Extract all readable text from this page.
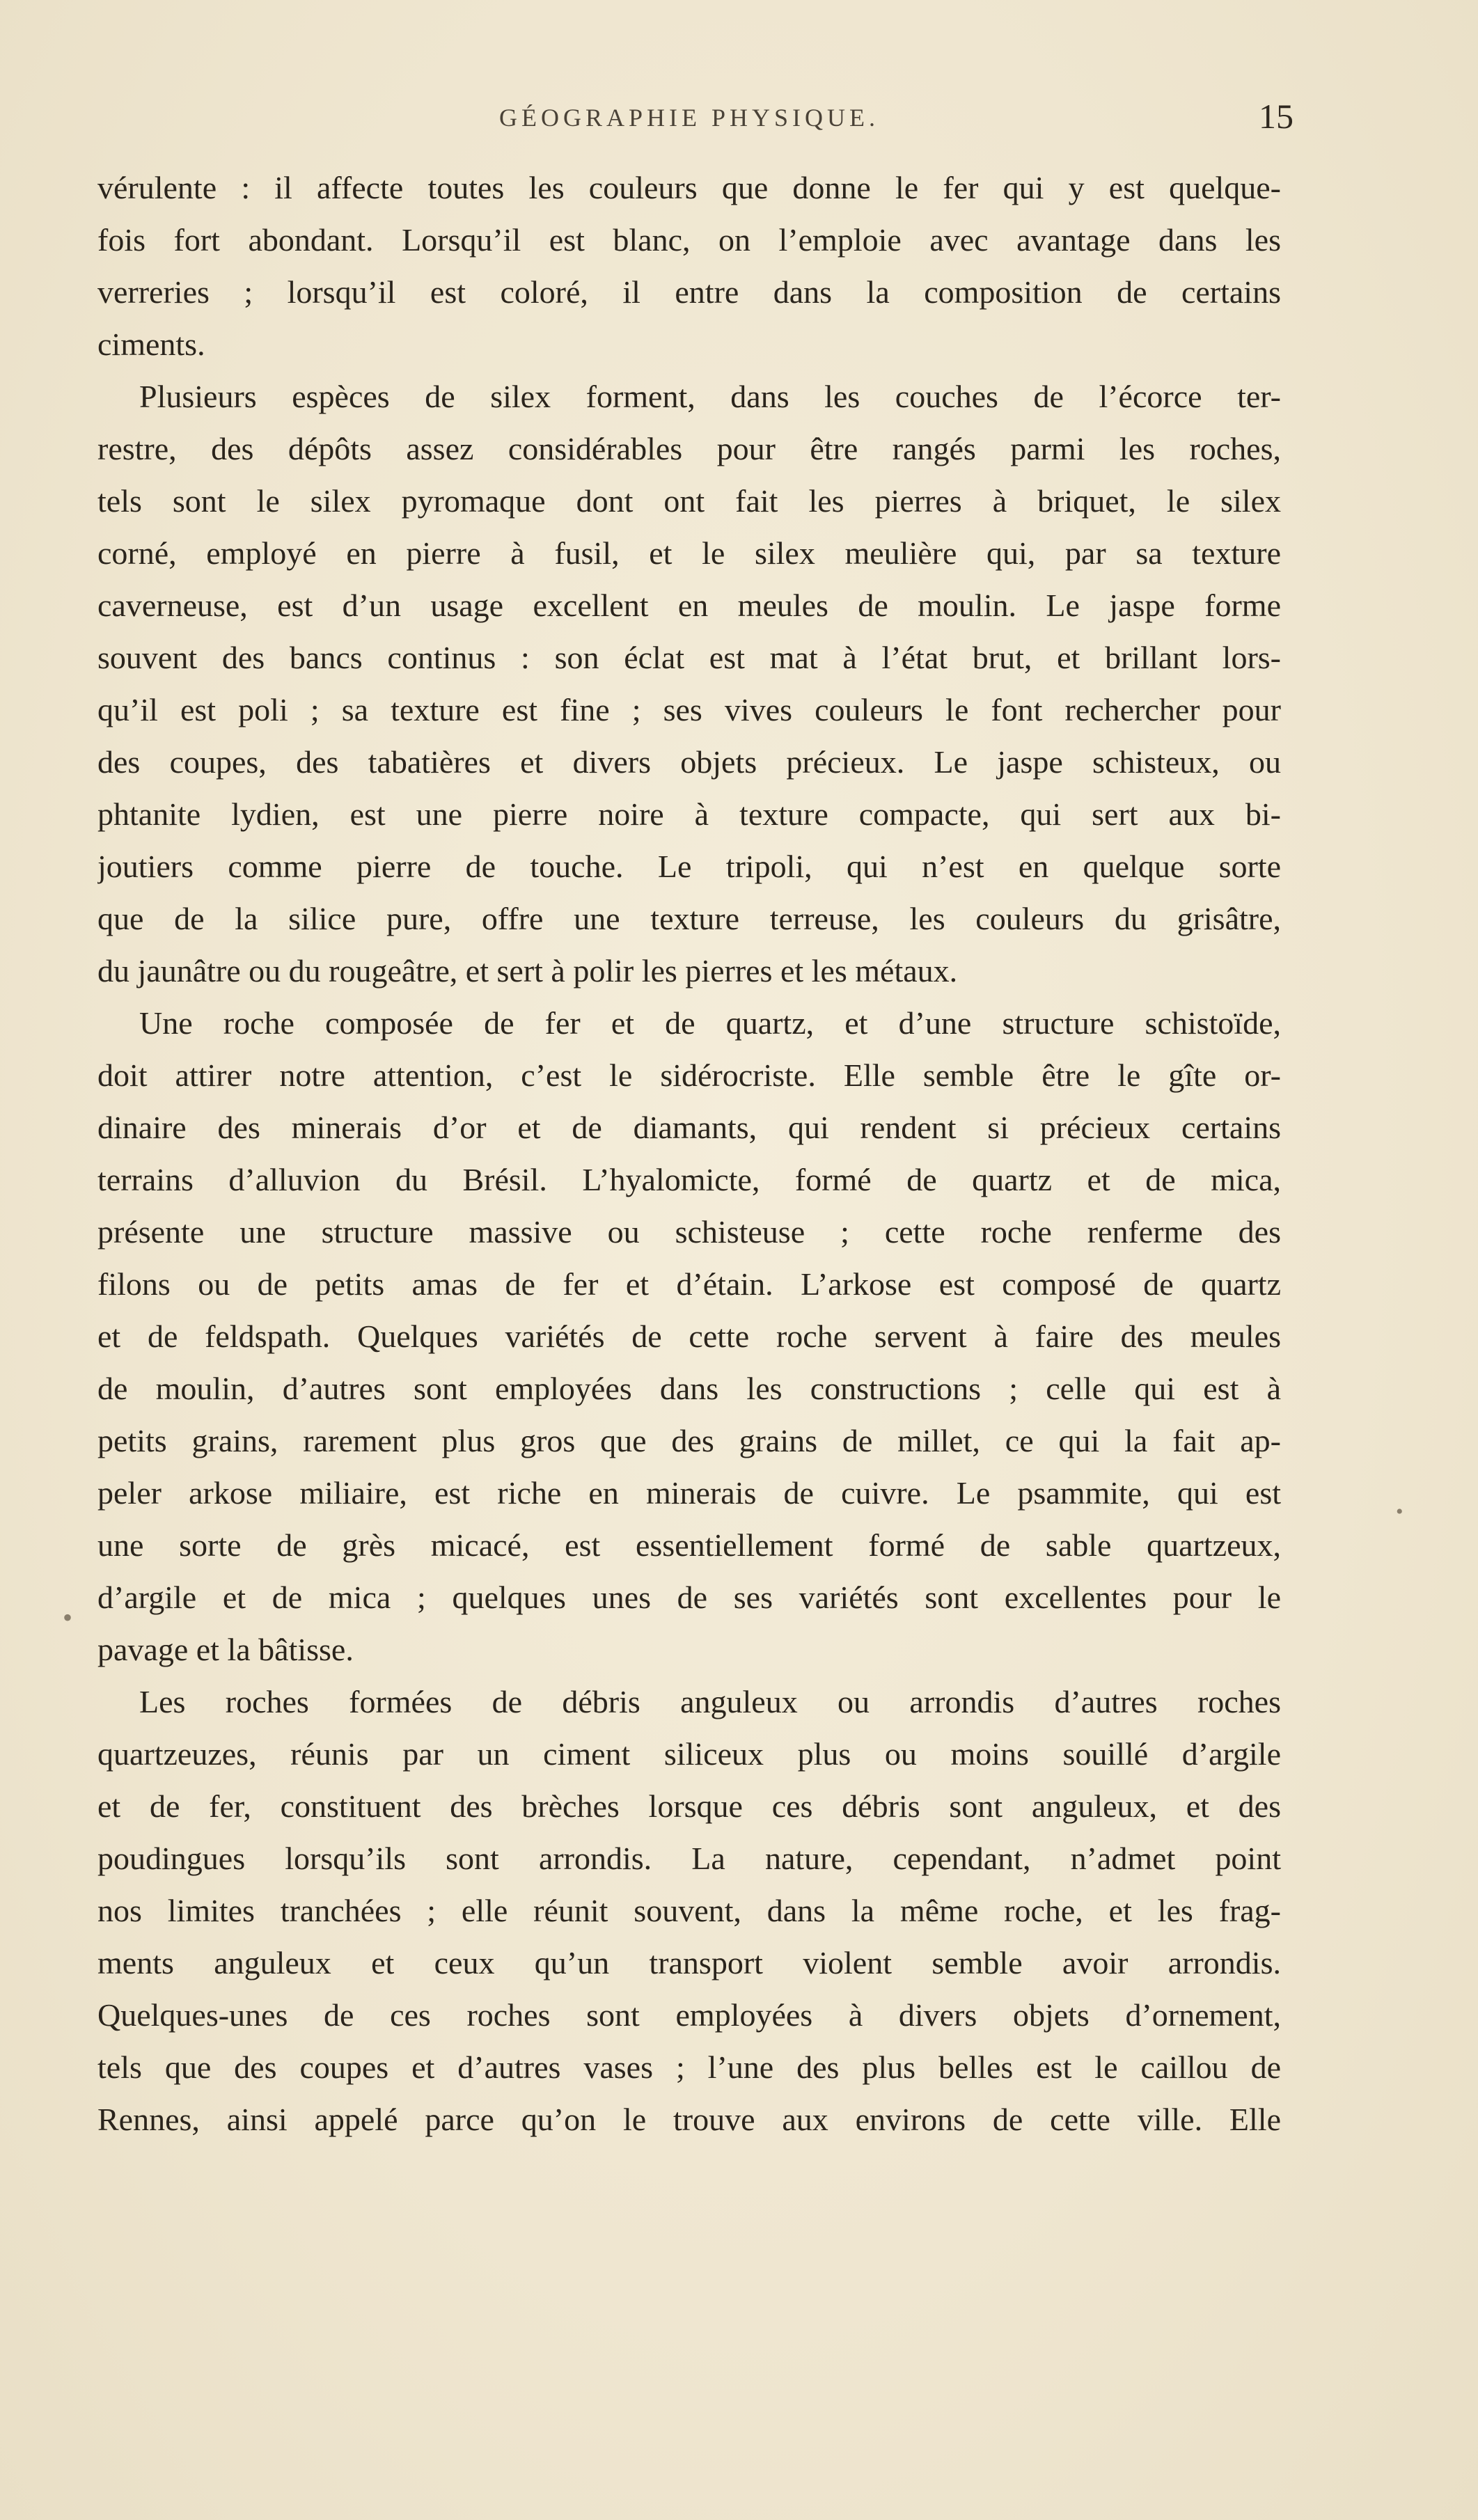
GÉOGRAPHIE PHYSIQUE.	15
vérulente : il affecte toutes les couleurs que donne le fer qui y est quelque-
fois fort abondant. Lorsqu’il est blanc, on l’emploie avec avantage dans les
verreries ; lorsqu’il est coloré, il entre dans la composition de certains
ciments.
Plusieurs espèces de silex forment, dans les couches de l’écorce ter-
restre, des dépôts assez considérables pour être rangés parmi les roches,
tels sont le silex pyromaque dont ont fait les pierres à briquet, le silex
corné, employé en pierre à fusil, et le silex meulière qui, par sa texture
caverneuse, est d’un usage excellent en meules de moulin. Le jaspe forme
souvent des bancs continus : son éclat est mat à l’état brut, et brillant lors-
qu’il est poli ; sa texture est fine ; ses vives couleurs le font rechercher pour
des coupes, des tabatières et divers objets précieux. Le jaspe schisteux, ou
phtanite lydien, est une pierre noire à texture compacte, qui sert aux bi-
joutiers comme pierre de touche. Le tripoli, qui n’est en quelque sorte
que de la silice pure, offre une texture terreuse, les couleurs du grisâtre,
du jaunâtre ou du rougeâtre, et sert à polir les pierres et les métaux.
Une roche composée de fer et de quartz, et d’une structure schistoïde,
doit attirer notre attention, c’est le sidérocriste. Elle semble être le gîte or-
dinaire des minerais d’or et de diamants, qui rendent si précieux certains
terrains d’alluvion du Brésil. L’hyalomicte, formé de quartz et de mica,
présente une structure massive ou schisteuse ; cette roche renferme des
filons ou de petits amas de fer et d’étain. L’arkose est composé de quartz
et de feldspath. Quelques variétés de cette roche servent à faire des meules
de moulin, d’autres sont employées dans les constructions ; celle qui est à
petits grains, rarement plus gros que des grains de millet, ce qui la fait ap-
peler arkose miliaire, est riche en minerais de cuivre. Le psammite, qui est
une sorte de grès micacé, est essentiellement formé de sable quartzeux,
d’argile et de mica ; quelques unes de ses variétés sont excellentes pour le
pavage et la bâtisse.
Les roches formées de débris anguleux ou arrondis d’autres roches
quartzeuzes, réunis par un ciment siliceux plus ou moins souillé d’argile
et de fer, constituent des brèches lorsque ces débris sont anguleux, et des
poudingues lorsqu’ils sont arrondis. La nature, cependant, n’admet point
nos limites tranchées ; elle réunit souvent, dans la même roche, et les frag-
ments anguleux et ceux qu’un transport violent semble avoir arrondis.
Quelques-unes de ces roches sont employées à divers objets d’ornement,
tels que des coupes et d’autres vases ; l’une des plus belles est le caillou de
Rennes, ainsi appelé parce qu’on le trouve aux environs de cette ville. Elle
•
•
